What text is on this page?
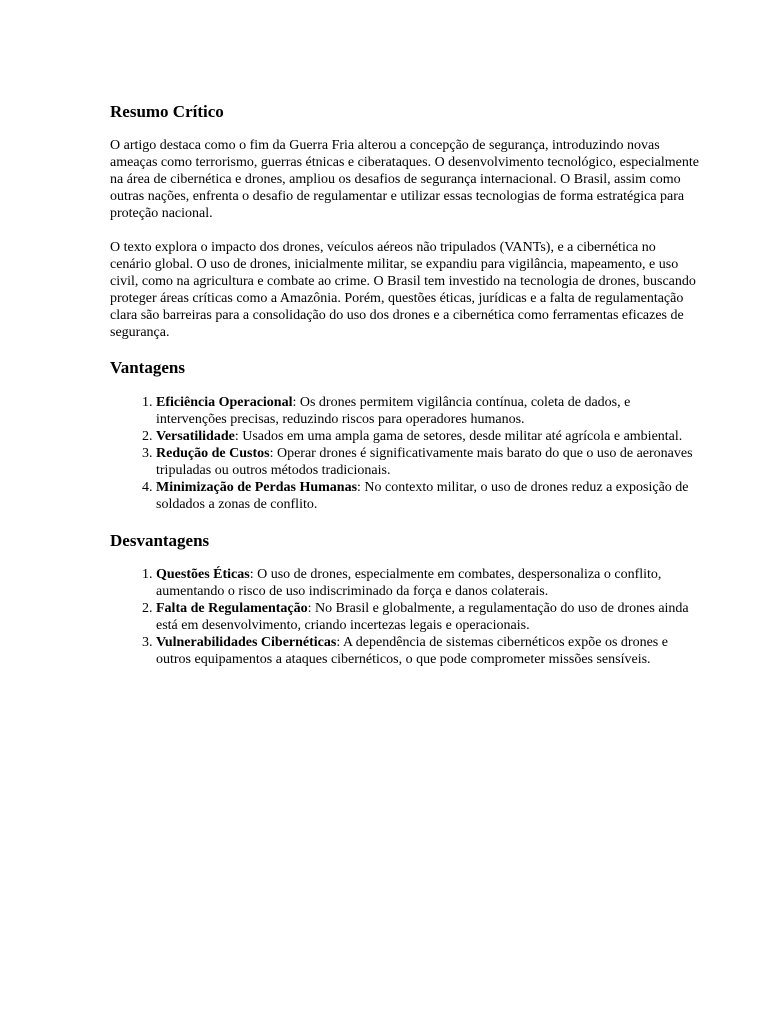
Resumo Crítico

O artigo destaca como o fim da Guerra Fria alterou a concepção de segurança, introduzindo novas ameaças como terrorismo, guerras étnicas e ciberataques. O desenvolvimento tecnológico, especialmente na área de cibernética e drones, ampliou os desafios de segurança internacional. O Brasil, assim como outras nações, enfrenta o desafio de regulamentar e utilizar essas tecnologias de forma estratégica para proteção nacional.

O texto explora o impacto dos drones, veículos aéreos não tripulados (VANTs), e a cibernética no cenário global. O uso de drones, inicialmente militar, se expandiu para vigilância, mapeamento, e uso civil, como na agricultura e combate ao crime. O Brasil tem investido na tecnologia de drones, buscando proteger áreas críticas como a Amazônia. Porém, questões éticas, jurídicas e a falta de regulamentação clara são barreiras para a consolidação do uso dos drones e a cibernética como ferramentas eficazes de segurança.

Vantagens
1. Eficiência Operacional: Os drones permitem vigilância contínua, coleta de dados, e intervenções precisas, reduzindo riscos para operadores humanos.
2. Versatilidade: Usados em uma ampla gama de setores, desde militar até agrícola e ambiental.
3. Redução de Custos: Operar drones é significativamente mais barato do que o uso de aeronaves tripuladas ou outros métodos tradicionais.
4. Minimização de Perdas Humanas: No contexto militar, o uso de drones reduz a exposição de soldados a zonas de conflito.
Desvantagens
1. Questões Éticas: O uso de drones, especialmente em combates, despersonaliza o conflito, aumentando o risco de uso indiscriminado da força e danos colaterais.
2. Falta de Regulamentação: No Brasil e globalmente, a regulamentação do uso de drones ainda está em desenvolvimento, criando incertezas legais e operacionais.
3. Vulnerabilidades Cibernéticas: A dependência de sistemas cibernéticos expõe os drones e outros equipamentos a ataques cibernéticos, o que pode comprometer missões sensíveis.
